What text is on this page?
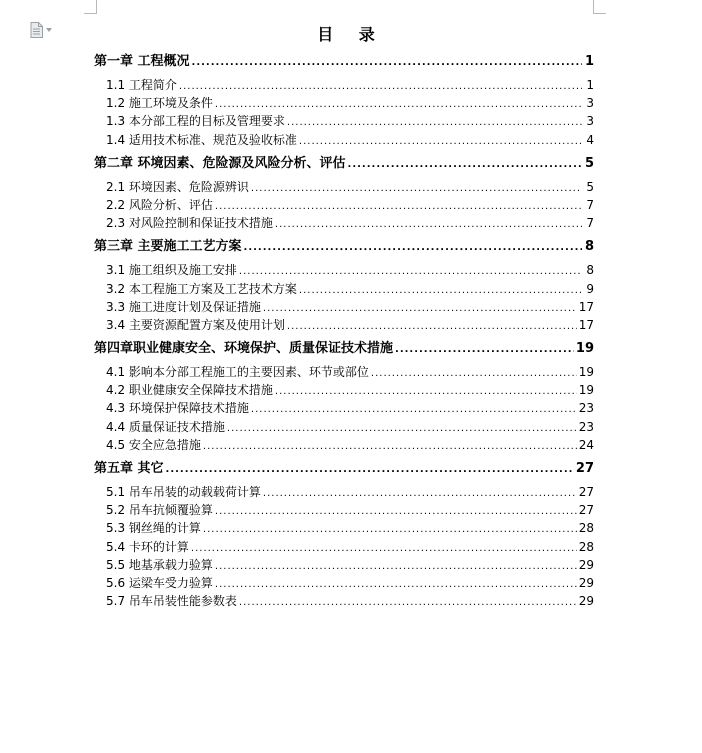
目 录
第一章 工程概况 .....	1
1.1 工程简介 .....	1
1.2 施工环境及条件 .....	3
1.3 本分部工程的目标及管理要求 .....	3
1.4 适用技术标准、规范及验收标准 .....	4
第二章 环境因素、危险源及风险分析、评估 .....	5
2.1 环境因素、危险源辨识 .....	5
2.2 风险分析、评估 .....	7
2.3 对风险控制和保证技术措施 .....	7
第三章 主要施工工艺方案 .....	8
3.1 施工组织及施工安排 .....	8
3.2 本工程施工方案及工艺技术方案 .....	9
3.3 施工进度计划及保证措施 .....	17
3.4 主要资源配置方案及使用计划 .....	17
第四章职业健康安全、环境保护、质量保证技术措施 .....	19
4.1 影响本分部工程施工的主要因素、环节或部位 .....	19
4.2 职业健康安全保障技术措施 .....	19
4.3 环境保护保障技术措施 .....	23
4.4 质量保证技术措施 .....	23
4.5 安全应急措施 .....	24
第五章 其它 .....	27
5.1 吊车吊装的动载载荷计算 .....	27
5.2 吊车抗倾覆验算 .....	27
5.3 钢丝绳的计算 .....	28
5.4 卡环的计算 .....	28
5.5 地基承载力验算 .....	29
5.6 运梁车受力验算 .....	29
5.7 吊车吊装性能参数表 .....	29
